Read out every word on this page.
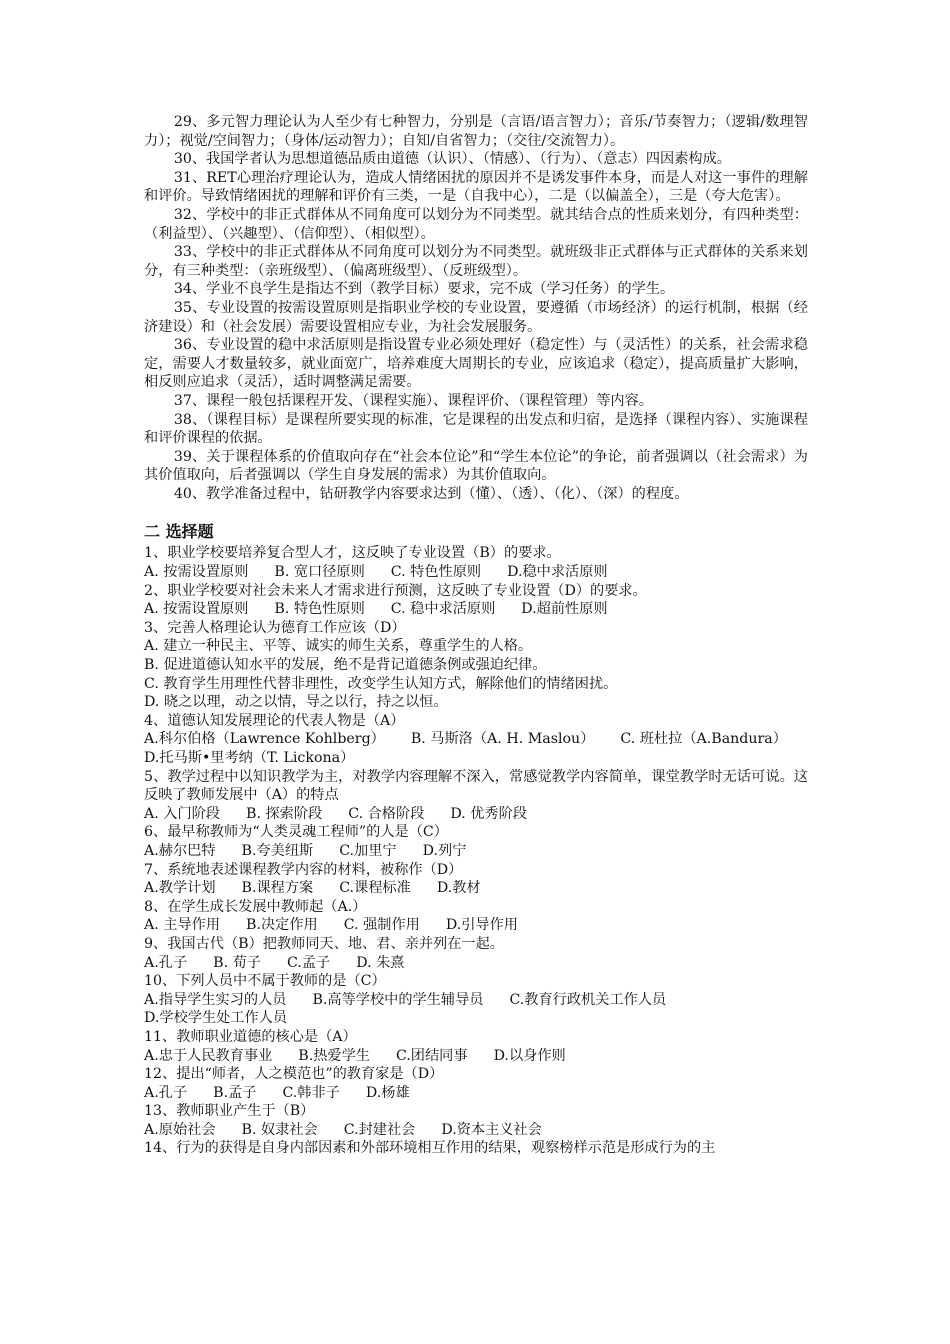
29、多元智力理论认为人至少有七种智力，分别是（言语/语言智力）；音乐/节奏智力；（逻辑/数理智力）；视觉/空间智力；（身体/运动智力）；自知/自省智力；（交往/交流智力）。

30、我国学者认为思想道德品质由道德（认识）、（情感）、（行为）、（意志）四因素构成。

31、RET心理治疗理论认为，造成人情绪困扰的原因并不是诱发事件本身，而是人对这一事件的理解和评价。导致情绪困扰的理解和评价有三类，一是（自我中心），二是（以偏盖全），三是（夸大危害）。

32、学校中的非正式群体从不同角度可以划分为不同类型。就其结合点的性质来划分，有四种类型：（利益型）、（兴趣型）、（信仰型）、（相似型）。

33、学校中的非正式群体从不同角度可以划分为不同类型。就班级非正式群体与正式群体的关系来划分，有三种类型：（亲班级型）、（偏离班级型）、（反班级型）。

34、学业不良学生是指达不到（教学目标）要求，完不成（学习任务）的学生。

35、专业设置的按需设置原则是指职业学校的专业设置，要遵循（市场经济）的运行机制，根据（经济建设）和（社会发展）需要设置相应专业，为社会发展服务。

36、专业设置的稳中求活原则是指设置专业必须处理好（稳定性）与（灵活性）的关系，社会需求稳定，需要人才数量较多，就业面宽广，培养难度大周期长的专业，应该追求（稳定），提高质量扩大影响，相反则应追求（灵活），适时调整满足需要。

37、课程一般包括课程开发、（课程实施）、课程评价、（课程管理）等内容。

38、（课程目标）是课程所要实现的标准，它是课程的出发点和归宿，是选择（课程内容）、实施课程和评价课程的依据。

39、关于课程体系的价值取向存在“社会本位论”和“学生本位论”的争论，前者强调以（社会需求）为其价值取向，后者强调以（学生自身发展的需求）为其价值取向。

40、教学准备过程中，钻研教学内容要求达到（懂）、（透）、（化）、（深）的程度。

二 选择题

1、职业学校要培养复合型人才，这反映了专业设置（B）的要求。

A. 按需设置原则 B. 宽口径原则 C. 特色性原则 D.稳中求活原则

2、职业学校要对社会未来人才需求进行预测，这反映了专业设置（D）的要求。

A. 按需设置原则 B. 特色性原则 C. 稳中求活原则 D.超前性原则

3、完善人格理论认为德育工作应该（D）

A. 建立一种民主、平等、诚实的师生关系，尊重学生的人格。

B. 促进道德认知水平的发展，绝不是背记道德条例或强迫纪律。

C. 教育学生用理性代替非理性，改变学生认知方式，解除他们的情绪困扰。

D. 晓之以理，动之以情，导之以行，持之以恒。

4、道德认知发展理论的代表人物是（A）

A.科尔伯格（Lawrence Kohlberg） B. 马斯洛（A. H. Maslou） C. 班杜拉（A.Bandura）
D.托马斯•里考纳（T. Lickona）

5、教学过程中以知识教学为主，对教学内容理解不深入，常感觉教学内容简单，课堂教学时无话可说。这反映了教师发展中（A）的特点

A. 入门阶段 B. 探索阶段 C. 合格阶段 D. 优秀阶段

6、最早称教师为“人类灵魂工程师”的人是（C）

A.赫尔巴特 B.夸美纽斯 C.加里宁 D.列宁

7、系统地表述课程教学内容的材料，被称作（D）

A.教学计划 B.课程方案 C.课程标准 D.教材

8、在学生成长发展中教师起（A.）

A. 主导作用 B.决定作用 C. 强制作用 D.引导作用

9、我国古代（B）把教师同天、地、君、亲并列在一起。

A.孔子 B. 荀子 C.孟子 D. 朱熹

10、下列人员中不属于教师的是（C）

A.指导学生实习的人员 B.高等学校中的学生辅导员 C.教育行政机关工作人员
D.学校学生处工作人员

11、教师职业道德的核心是（A）

A.忠于人民教育事业 B.热爱学生 C.团结同事 D.以身作则

12、提出“师者，人之模范也”的教育家是（D）

A.孔子 B.孟子 C.韩非子 D.杨雄

13、教师职业产生于（B）

A.原始社会 B. 奴隶社会 C.封建社会 D.资本主义社会

14、行为的获得是自身内部因素和外部环境相互作用的结果，观察榜样示范是形成行为的主
